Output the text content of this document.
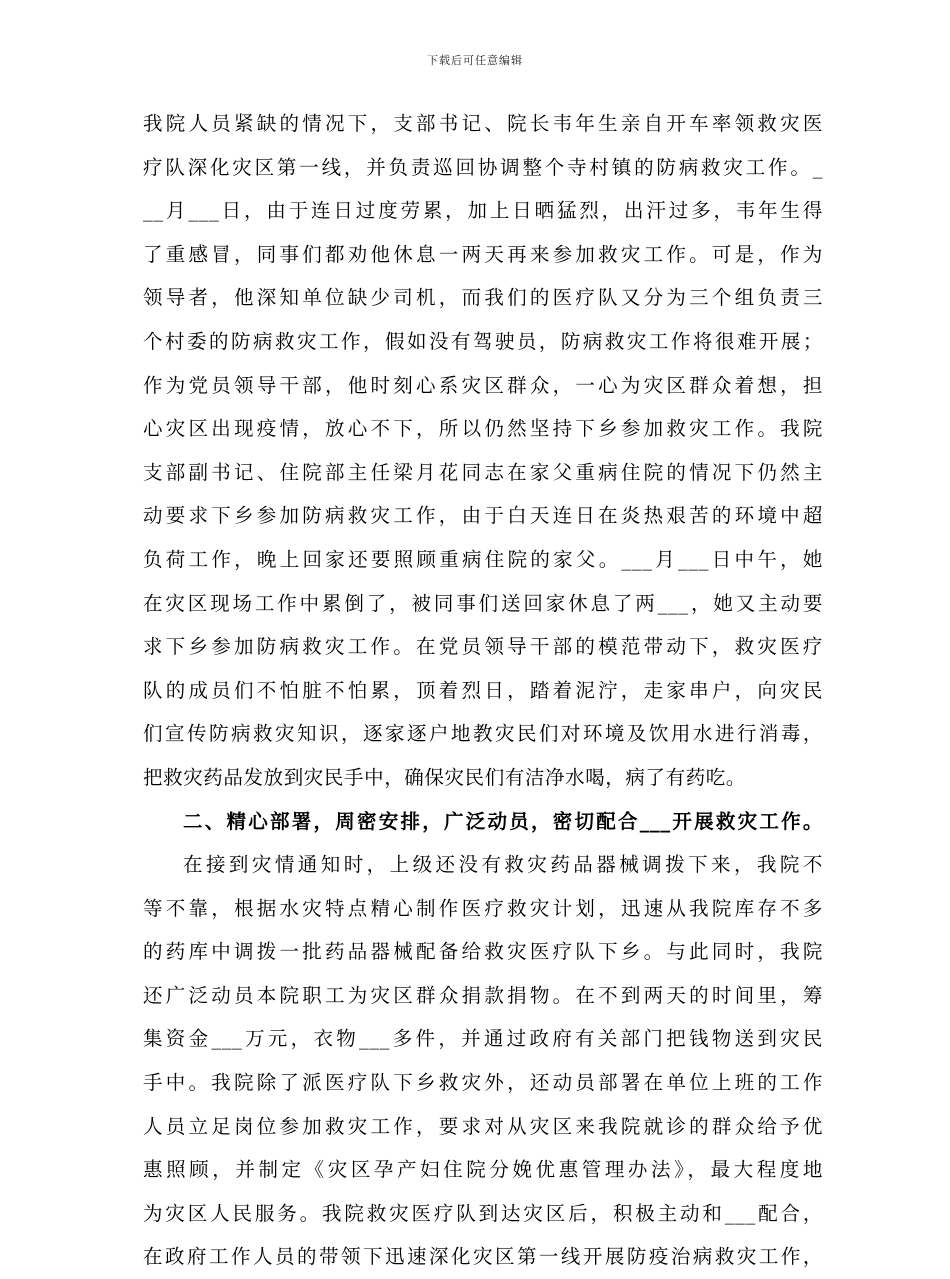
下载后可任意编辑
我院人员紧缺的情况下，支部书记、院长韦年生亲自开车率领救灾医
疗队深化灾区第一线，并负责巡回协调整个寺村镇的防病救灾工作。_
__月___日，由于连日过度劳累，加上日晒猛烈，出汗过多，韦年生得
了重感冒，同事们都劝他休息一两天再来参加救灾工作。可是，作为
领导者，他深知单位缺少司机，而我们的医疗队又分为三个组负责三
个村委的防病救灾工作，假如没有驾驶员，防病救灾工作将很难开展；
作为党员领导干部，他时刻心系灾区群众，一心为灾区群众着想，担
心灾区出现疫情，放心不下，所以仍然坚持下乡参加救灾工作。我院
支部副书记、住院部主任梁月花同志在家父重病住院的情况下仍然主
动要求下乡参加防病救灾工作，由于白天连日在炎热艰苦的环境中超
负荷工作，晚上回家还要照顾重病住院的家父。___月___日中午，她
在灾区现场工作中累倒了，被同事们送回家休息了两___，她又主动要
求下乡参加防病救灾工作。在党员领导干部的模范带动下，救灾医疗
队的成员们不怕脏不怕累，顶着烈日，踏着泥泞，走家串户，向灾民
们宣传防病救灾知识，逐家逐户地教灾民们对环境及饮用水进行消毒，
把救灾药品发放到灾民手中，确保灾民们有洁净水喝，病了有药吃。
二、精心部署，周密安排，广泛动员，密切配合___开展救灾工作。
在接到灾情通知时，上级还没有救灾药品器械调拨下来，我院不
等不靠，根据水灾特点精心制作医疗救灾计划，迅速从我院库存不多
的药库中调拨一批药品器械配备给救灾医疗队下乡。与此同时，我院
还广泛动员本院职工为灾区群众捐款捐物。在不到两天的时间里，筹
集资金___万元，衣物___多件，并通过政府有关部门把钱物送到灾民
手中。我院除了派医疗队下乡救灾外，还动员部署在单位上班的工作
人员立足岗位参加救灾工作，要求对从灾区来我院就诊的群众给予优
惠照顾，并制定《灾区孕产妇住院分娩优惠管理办法》，最大程度地
为灾区人民服务。我院救灾医疗队到达灾区后，积极主动和___配合，
在政府工作人员的带领下迅速深化灾区第一线开展防疫治病救灾工作，
